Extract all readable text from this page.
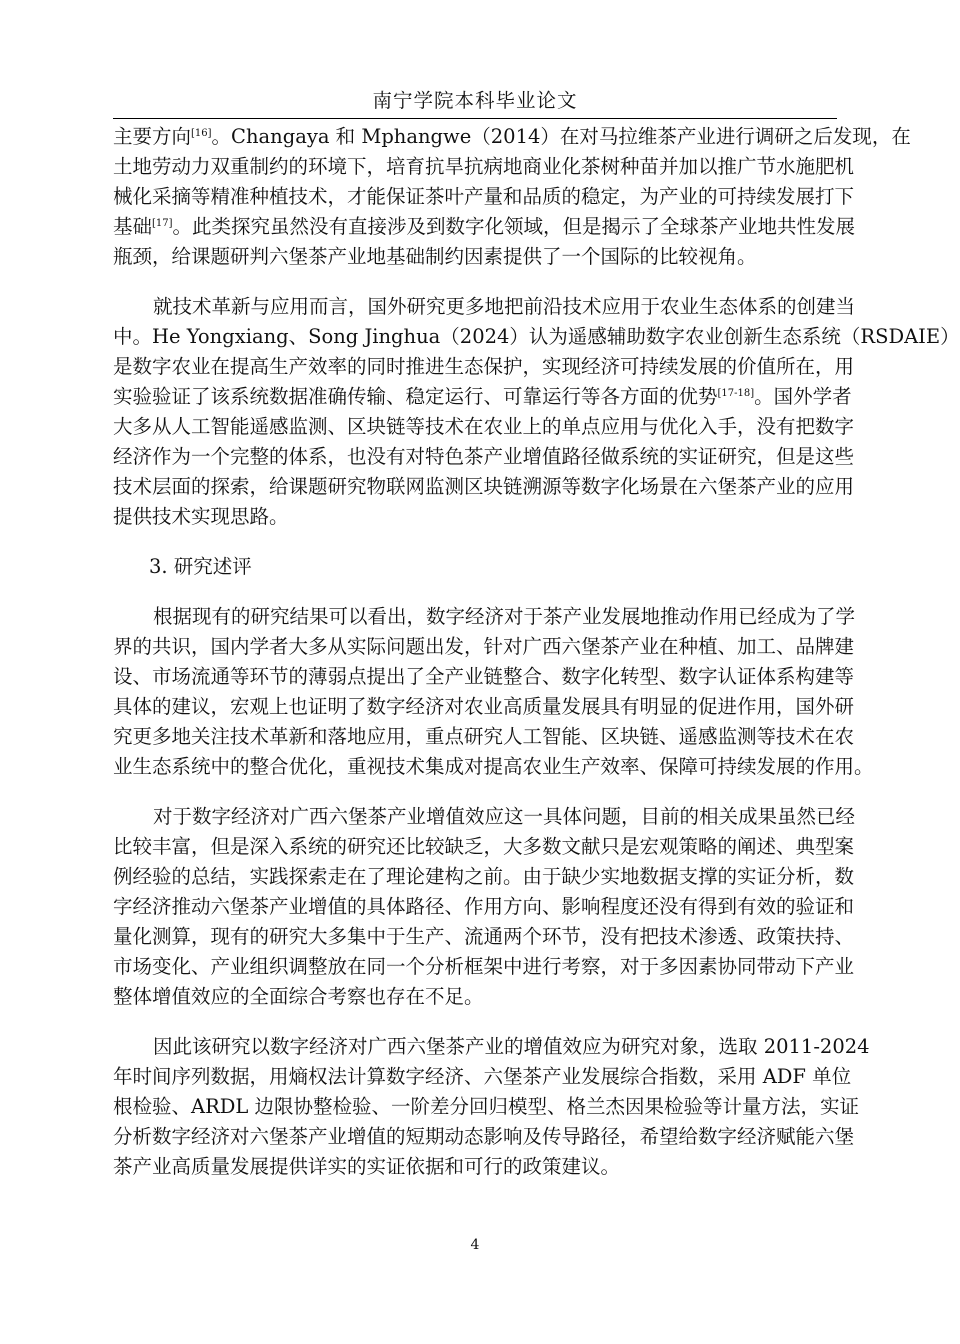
南宁学院本科毕业论文
主要方向[16]。Changaya 和 Mphangwe（2014）在对马拉维茶产业进行调研之后发现，在
土地劳动力双重制约的环境下，培育抗旱抗病地商业化茶树种苗并加以推广节水施肥机
械化采摘等精准种植技术，才能保证茶叶产量和品质的稳定，为产业的可持续发展打下
基础[17]。此类探究虽然没有直接涉及到数字化领域，但是揭示了全球茶产业地共性发展
瓶颈，给课题研判六堡茶产业地基础制约因素提供了一个国际的比较视角。
就技术革新与应用而言，国外研究更多地把前沿技术应用于农业生态体系的创建当
中。He Yongxiang、Song Jinghua（2024）认为遥感辅助数字农业创新生态系统（RSDAIE）
是数字农业在提高生产效率的同时推进生态保护，实现经济可持续发展的价值所在，用
实验验证了该系统数据准确传输、稳定运行、可靠运行等各方面的优势[17-18]。国外学者
大多从人工智能遥感监测、区块链等技术在农业上的单点应用与优化入手，没有把数字
经济作为一个完整的体系，也没有对特色茶产业增值路径做系统的实证研究，但是这些
技术层面的探索，给课题研究物联网监测区块链溯源等数字化场景在六堡茶产业的应用
提供技术实现思路。
3. 研究述评
根据现有的研究结果可以看出，数字经济对于茶产业发展地推动作用已经成为了学
界的共识，国内学者大多从实际问题出发，针对广西六堡茶产业在种植、加工、品牌建
设、市场流通等环节的薄弱点提出了全产业链整合、数字化转型、数字认证体系构建等
具体的建议，宏观上也证明了数字经济对农业高质量发展具有明显的促进作用，国外研
究更多地关注技术革新和落地应用，重点研究人工智能、区块链、遥感监测等技术在农
业生态系统中的整合优化，重视技术集成对提高农业生产效率、保障可持续发展的作用。
对于数字经济对广西六堡茶产业增值效应这一具体问题，目前的相关成果虽然已经
比较丰富，但是深入系统的研究还比较缺乏，大多数文献只是宏观策略的阐述、典型案
例经验的总结，实践探索走在了理论建构之前。由于缺少实地数据支撑的实证分析，数
字经济推动六堡茶产业增值的具体路径、作用方向、影响程度还没有得到有效的验证和
量化测算，现有的研究大多集中于生产、流通两个环节，没有把技术渗透、政策扶持、
市场变化、产业组织调整放在同一个分析框架中进行考察，对于多因素协同带动下产业
整体增值效应的全面综合考察也存在不足。
因此该研究以数字经济对广西六堡茶产业的增值效应为研究对象，选取 2011-2024
年时间序列数据，用熵权法计算数字经济、六堡茶产业发展综合指数，采用 ADF 单位
根检验、ARDL 边限协整检验、一阶差分回归模型、格兰杰因果检验等计量方法，实证
分析数字经济对六堡茶产业增值的短期动态影响及传导路径，希望给数字经济赋能六堡
茶产业高质量发展提供详实的实证依据和可行的政策建议。
4
